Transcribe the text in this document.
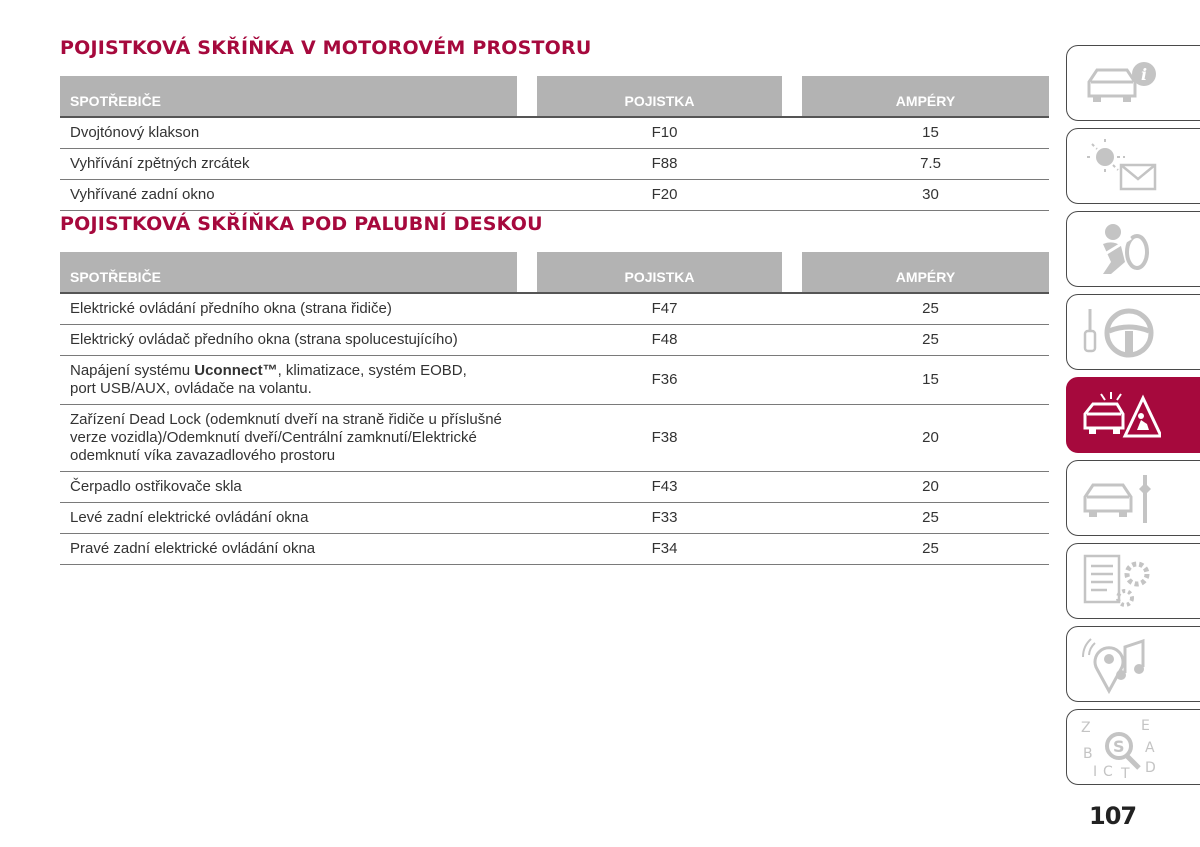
POJISTKOVÁ SKŘÍŇKA V MOTOROVÉM PROSTORU
SPOTŘEBIČE	POJISTKA	AMPÉRY
Dvojtónový klakson	F10	15
Vyhřívání zpětných zrcátek	F88	7.5
Vyhřívané zadní okno	F20	30
POJISTKOVÁ SKŘÍŇKA POD PALUBNÍ DESKOU
SPOTŘEBIČE	POJISTKA	AMPÉRY
Elektrické ovládání předního okna (strana řidiče)	F47	25
Elektrický ovládač předního okna (strana spolucestujícího)	F48	25
Napájení systému Uconnect™, klimatizace, systém EOBD,
port USB/AUX, ovládače na volantu.
F36	15
Zařízení Dead Lock (odemknutí dveří na straně řidiče u příslušné
verze vozidla)/Odemknutí dveří/Centrální zamknutí/Elektrické
odemknutí víka zavazadlového prostoru
F38	20
Čerpadlo ostřikovače skla	F43	20
Levé zadní elektrické ovládání okna	F33	25
Pravé zadní elektrické ovládání okna	F34	25
i
Z	E
B	A
I C T D
S
107
